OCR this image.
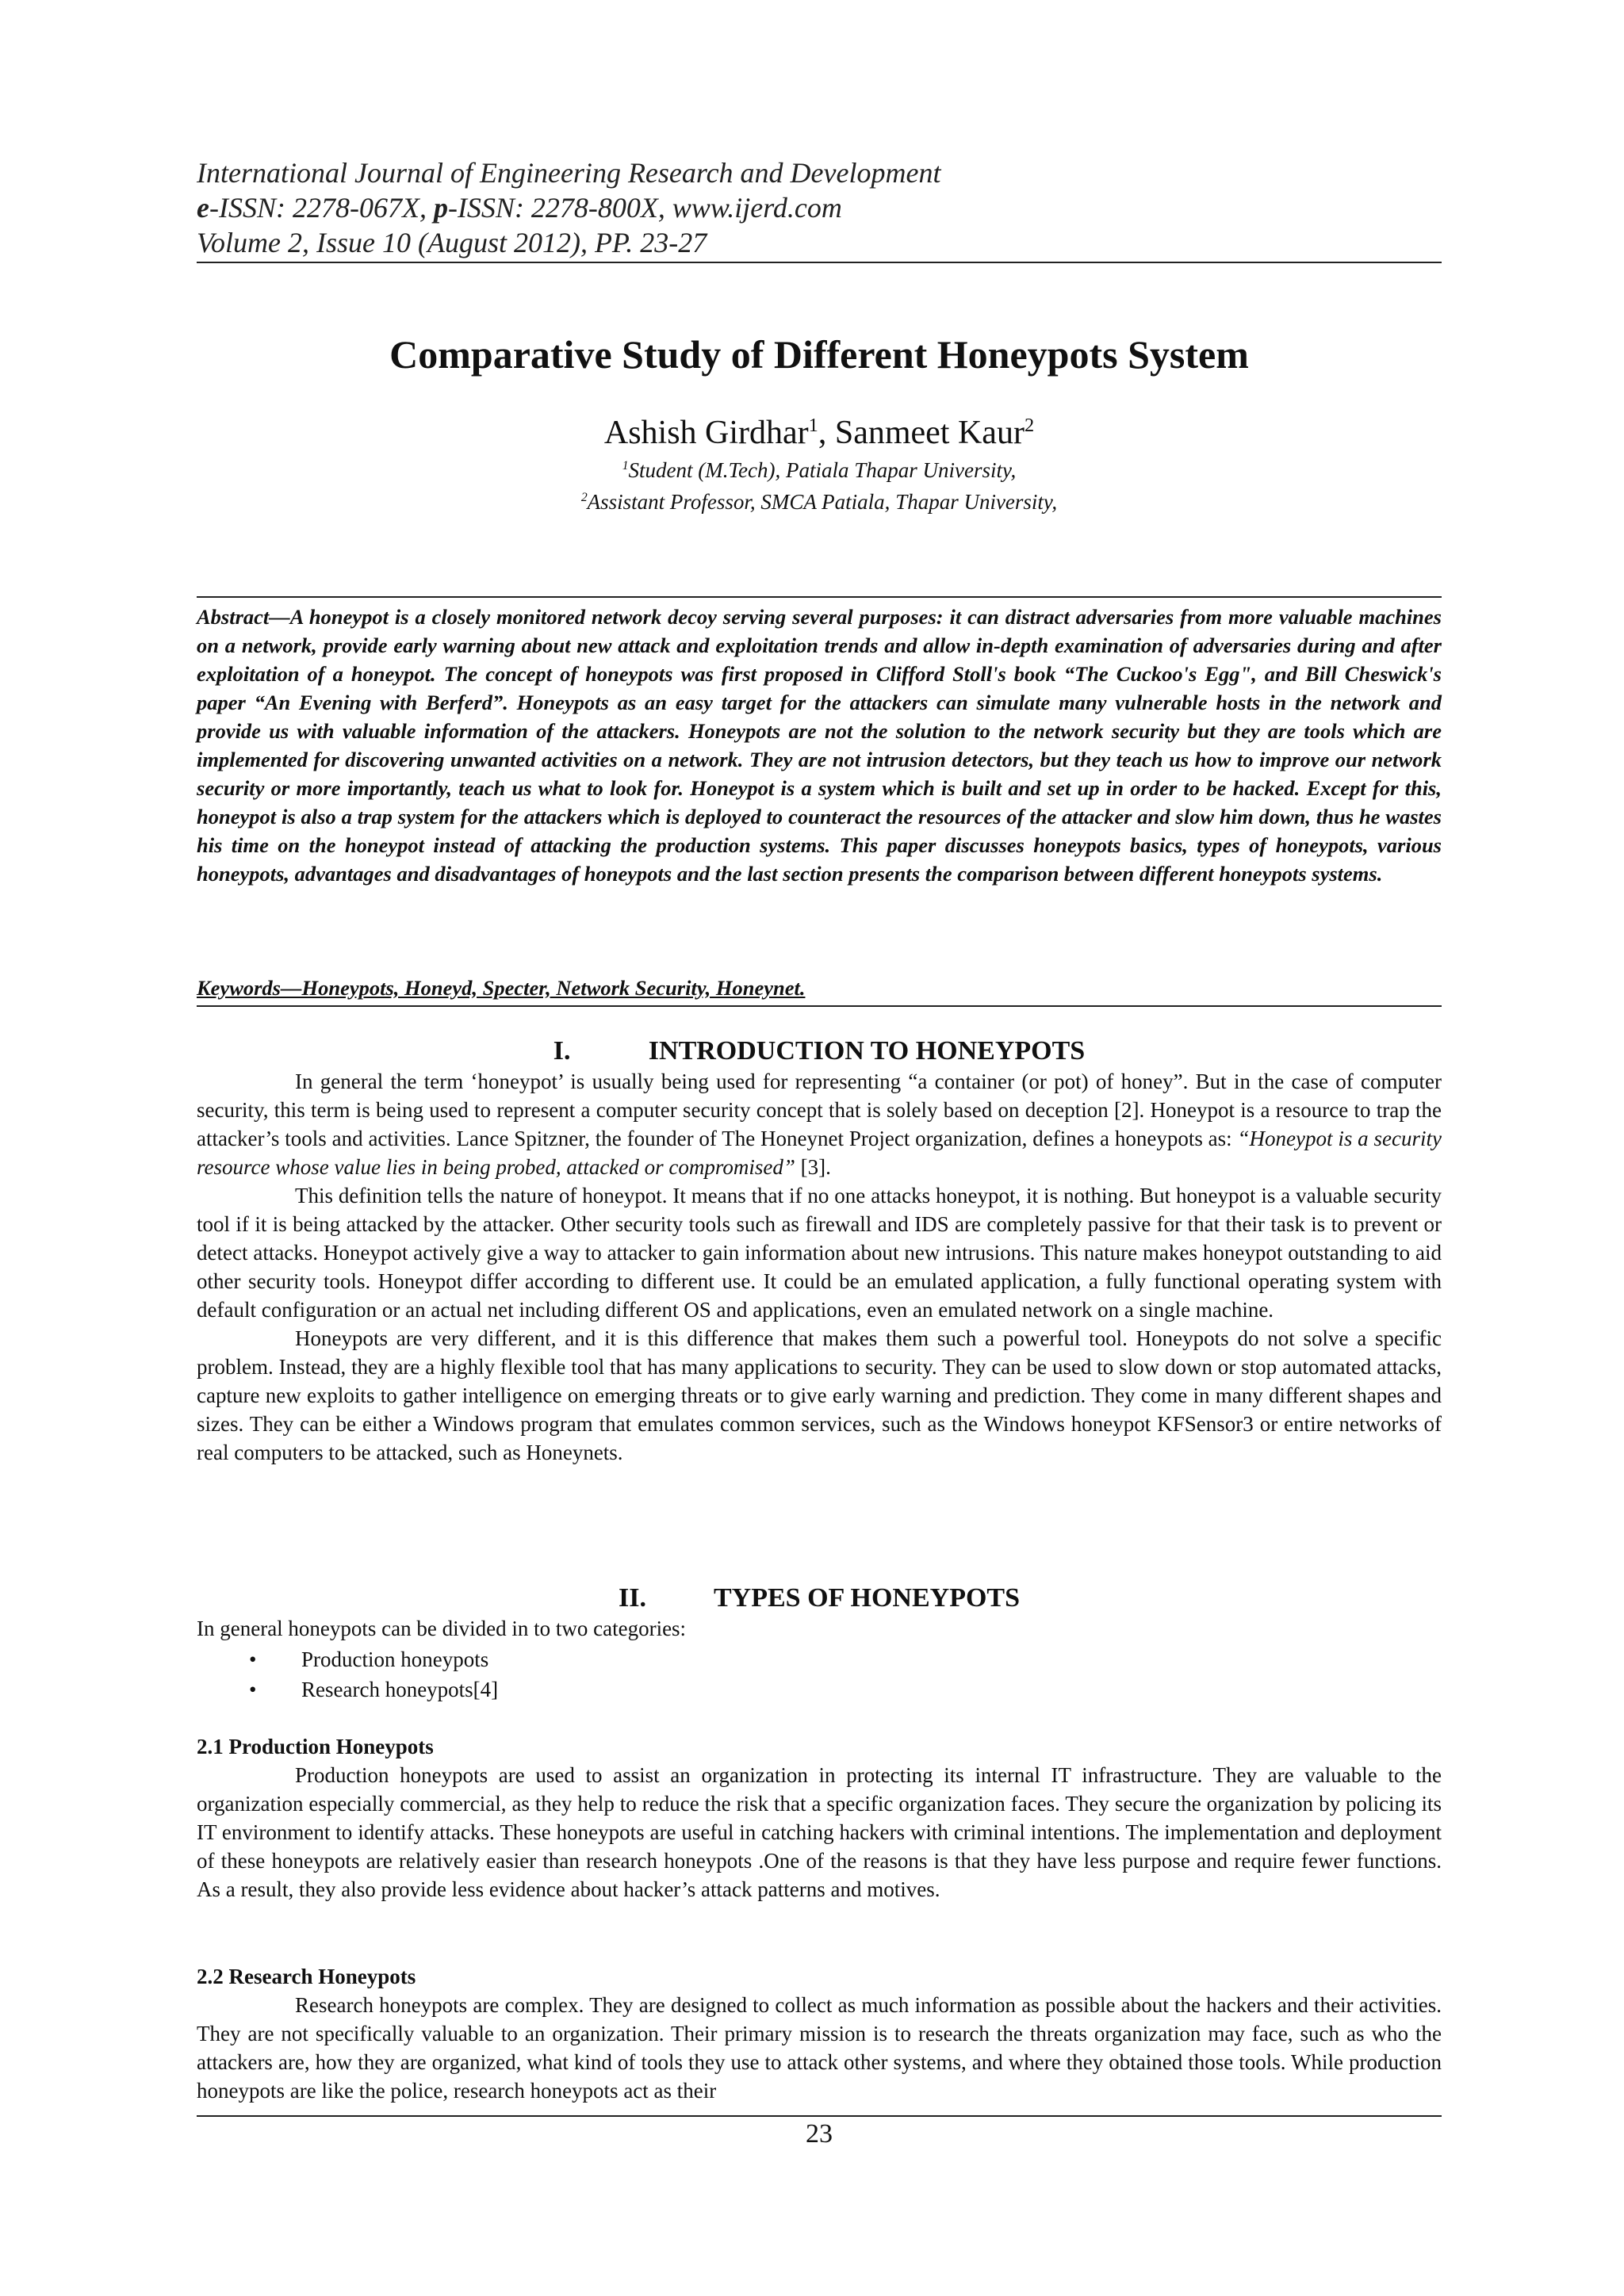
International Journal of Engineering Research and Development
e-ISSN: 2278-067X, p-ISSN: 2278-800X, www.ijerd.com
Volume 2, Issue 10 (August 2012), PP. 23-27
Comparative Study of Different Honeypots System
Ashish Girdhar$^1$, Sanmeet Kaur$^2$
$^1$Student (M.Tech), Patiala Thapar University,
$^2$Assistant Professor, SMCA Patiala, Thapar University,
Abstract—A honeypot is a closely monitored network decoy serving several purposes: it can distract adversaries from more valuable machines on a network, provide early warning about new attack and exploitation trends and allow in-depth examination of adversaries during and after exploitation of a honeypot. The concept of honeypots was first proposed in Clifford Stoll's book “The Cuckoo's Egg", and Bill Cheswick's paper “An Evening with Berferd”. Honeypots as an easy target for the attackers can simulate many vulnerable hosts in the network and provide us with valuable information of the attackers. Honeypots are not the solution to the network security but they are tools which are implemented for discovering unwanted activities on a network. They are not intrusion detectors, but they teach us how to improve our network security or more importantly, teach us what to look for. Honeypot is a system which is built and set up in order to be hacked. Except for this, honeypot is also a trap system for the attackers which is deployed to counteract the resources of the attacker and slow him down, thus he wastes his time on the honeypot instead of attacking the production systems. This paper discusses honeypots basics, types of honeypots, various honeypots, advantages and disadvantages of honeypots and the last section presents the comparison between different honeypots systems.
Keywords—Honeypots, Honeyd, Specter, Network Security, Honeynet.
I.	INTRODUCTION TO HONEYPOTS

In general the term ‘honeypot’ is usually being used for representing “a container (or pot) of honey”. But in the case of computer security, this term is being used to represent a computer security concept that is solely based on deception [2]. Honeypot is a resource to trap the attacker’s tools and activities. Lance Spitzner, the founder of The Honeynet Project organization, defines a honeypots as: “Honeypot is a security resource whose value lies in being probed, attacked or compromised” [3].

This definition tells the nature of honeypot. It means that if no one attacks honeypot, it is nothing. But honeypot is a valuable security tool if it is being attacked by the attacker. Other security tools such as firewall and IDS are completely passive for that their task is to prevent or detect attacks. Honeypot actively give a way to attacker to gain information about new intrusions. This nature makes honeypot outstanding to aid other security tools. Honeypot differ according to different use. It could be an emulated application, a fully functional operating system with default configuration or an actual net including different OS and applications, even an emulated network on a single machine.

Honeypots are very different, and it is this difference that makes them such a powerful tool. Honeypots do not solve a specific problem. Instead, they are a highly flexible tool that has many applications to security. They can be used to slow down or stop automated attacks, capture new exploits to gather intelligence on emerging threats or to give early warning and prediction. They come in many different shapes and sizes. They can be either a Windows program that emulates common services, such as the Windows honeypot KFSensor3 or entire networks of real computers to be attacked, such as Honeynets.

II.	TYPES OF HONEYPOTS

In general honeypots can be divided in to two categories:

• Production honeypots
• Research honeypots[4]
2.1 Production Honeypots

Production honeypots are used to assist an organization in protecting its internal IT infrastructure. They are valuable to the organization especially commercial, as they help to reduce the risk that a specific organization faces. They secure the organization by policing its IT environment to identify attacks. These honeypots are useful in catching hackers with criminal intentions. The implementation and deployment of these honeypots are relatively easier than research honeypots .One of the reasons is that they have less purpose and require fewer functions. As a result, they also provide less evidence about hacker’s attack patterns and motives.

2.2 Research Honeypots

Research honeypots are complex. They are designed to collect as much information as possible about the hackers and their activities. They are not specifically valuable to an organization. Their primary mission is to research the threats organization may face, such as who the attackers are, how they are organized, what kind of tools they use to attack other systems, and where they obtained those tools. While production honeypots are like the police, research honeypots act as their

23
